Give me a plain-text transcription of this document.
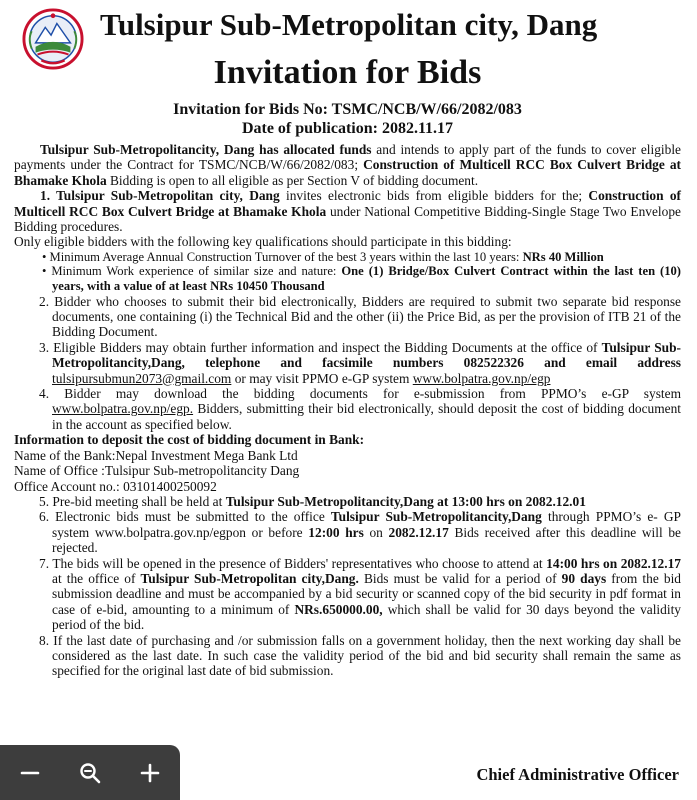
Tulsipur Sub-Metropolitan city, Dang
Invitation for Bids
Invitation for Bids No: TSMC/NCB/W/66/2082/083
Date of publication: 2082.11.17

Tulsipur Sub-Metropolitancity, Dang has allocated funds and intends to apply part of the funds to cover eligible payments under the Contract for TSMC/NCB/W/66/2082/083; Construction of Multicell RCC Box Culvert Bridge at Bhamake Khola Bidding is open to all eligible as per Section V of bidding document.

1. Tulsipur Sub-Metropolitan city, Dang invites electronic bids from eligible bidders for the; Construction of Multicell RCC Box Culvert Bridge at Bhamake Khola under National Competitive Bidding-Single Stage Two Envelope Bidding procedures.

Only eligible bidders with the following key qualifications should participate in this bidding:

• Minimum Average Annual Construction Turnover of the best 3 years within the last 10 years: NRs 40 Million

• Minimum Work experience of similar size and nature: One (1) Bridge/Box Culvert Contract within the last ten (10) years, with a value of at least NRs 10450 Thousand

2. Bidder who chooses to submit their bid electronically, Bidders are required to submit two separate bid response documents, one containing (i) the Technical Bid and the other (ii) the Price Bid, as per the provision of ITB 21 of the Bidding Document.

3. Eligible Bidders may obtain further information and inspect the Bidding Documents at the office of Tulsipur Sub-Metropolitancity,Dang, telephone and facsimile numbers 082522326 and email address tulsipursubmun2073@gmail.com or may visit PPMO e-GP system www.bolpatra.gov.np/egp

4. Bidder may download the bidding documents for e-submission from PPMO’s e-GP system www.bolpatra.gov.np/egp. Bidders, submitting their bid electronically, should deposit the cost of bidding document in the account as specified below.

Information to deposit the cost of bidding document in Bank:

Name of the Bank:Nepal Investment Mega Bank Ltd

Name of Office :Tulsipur Sub-metropolitancity Dang

Office Account no.: 03101400250092

5. Pre-bid meeting shall be held at Tulsipur Sub-Metropolitancity,Dang at 13:00 hrs on 2082.12.01

6. Electronic bids must be submitted to the office Tulsipur Sub-Metropolitancity,Dang through PPMO’s e- GP system www.bolpatra.gov.np/egpon or before 12:00 hrs on 2082.12.17 Bids received after this deadline will be rejected.

7. The bids will be opened in the presence of Bidders' representatives who choose to attend at 14:00 hrs on 2082.12.17 at the office of Tulsipur Sub-Metropolitan city,Dang. Bids must be valid for a period of 90 days from the bid submission deadline and must be accompanied by a bid security or scanned copy of the bid security in pdf format in case of e-bid, amounting to a minimum of NRs.650000.00, which shall be valid for 30 days beyond the validity period of the bid.

8. If the last date of purchasing and /or submission falls on a government holiday, then the next working day shall be considered as the last date. In such case the validity period of the bid and bid security shall remain the same as specified for the original last date of bid submission.

Chief Administrative Officer
